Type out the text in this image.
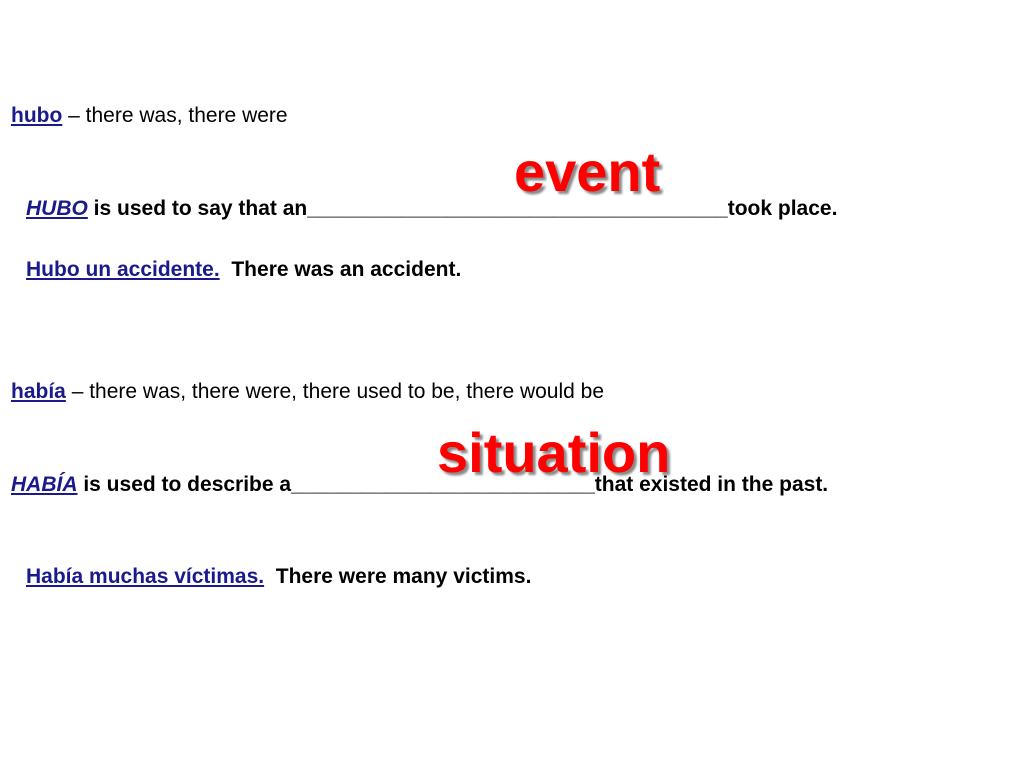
hubo – there was, there were
event
HUBO is used to say that an____________________________________took place.
Hubo un accidente. There was an accident.
había – there was, there were, there used to be, there would be
situation
HABÍA is used to describe a__________________________that existed in the past.
Había muchas víctimas. There were many victims.
